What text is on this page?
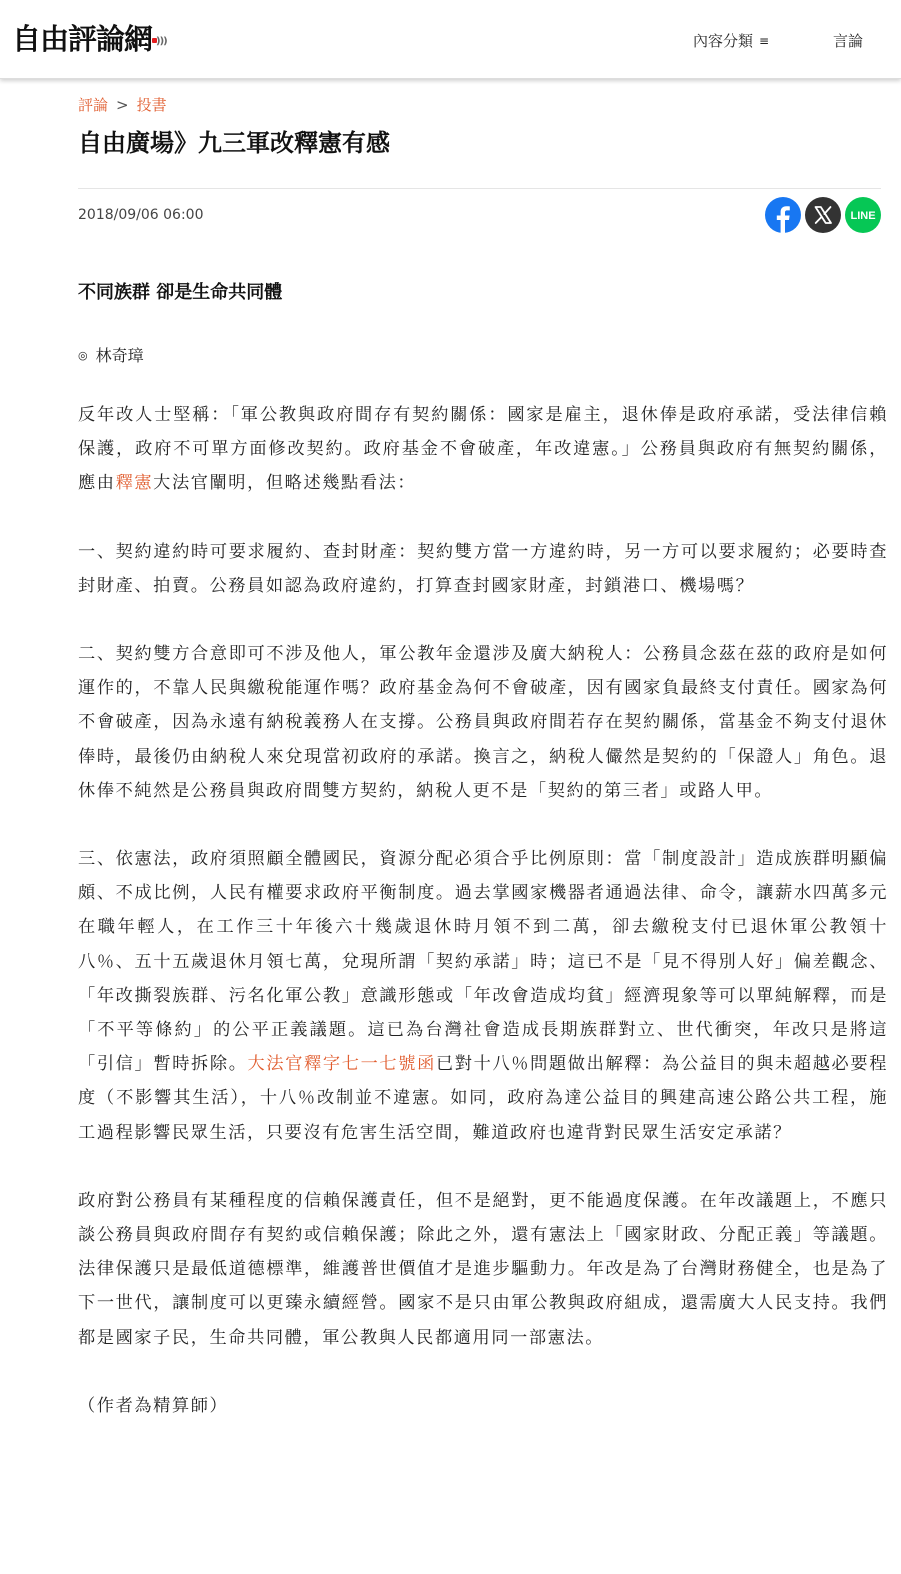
自由評論網 )))	內容分類 ≡	言論
評論 > 投書
自由廣場》九三軍改釋憲有感
2018/09/06 06:00	LINE
不同族群 卻是生命共同體
◎ 林奇璋

反年改人士堅稱：「軍公教與政府間存有契約關係：國家是雇主，退休俸是政府承諾，受法律信賴保護，政府不可單方面修改契約。政府基金不會破產，年改違憲。」公務員與政府有無契約關係，應由釋憲大法官闡明，但略述幾點看法：

一、契約違約時可要求履約、查封財產：契約雙方當一方違約時，另一方可以要求履約；必要時查封財產、拍賣。公務員如認為政府違約，打算查封國家財產，封鎖港口、機場嗎？

二、契約雙方合意即可不涉及他人，軍公教年金還涉及廣大納稅人：公務員念茲在茲的政府是如何運作的，不靠人民與繳稅能運作嗎？政府基金為何不會破產，因有國家負最終支付責任。國家為何不會破產，因為永遠有納稅義務人在支撐。公務員與政府間若存在契約關係，當基金不夠支付退休俸時，最後仍由納稅人來兌現當初政府的承諾。換言之，納稅人儼然是契約的「保證人」角色。退休俸不純然是公務員與政府間雙方契約，納稅人更不是「契約的第三者」或路人甲。

三、依憲法，政府須照顧全體國民，資源分配必須合乎比例原則：當「制度設計」造成族群明顯偏頗、不成比例，人民有權要求政府平衡制度。過去掌國家機器者通過法律、命令，讓薪水四萬多元在職年輕人，在工作三十年後六十幾歲退休時月領不到二萬，卻去繳稅支付已退休軍公教領十八％、五十五歲退休月領七萬，兌現所謂「契約承諾」時；這已不是「見不得別人好」偏差觀念、「年改撕裂族群、污名化軍公教」意識形態或「年改會造成均貧」經濟現象等可以單純解釋，而是「不平等條約」的公平正義議題。這已為台灣社會造成長期族群對立、世代衝突，年改只是將這「引信」暫時拆除。大法官釋字七一七號函已對十八％問題做出解釋：為公益目的與未超越必要程度（不影響其生活），十八％改制並不違憲。如同，政府為達公益目的興建高速公路公共工程，施工過程影響民眾生活，只要沒有危害生活空間，難道政府也違背對民眾生活安定承諾？

政府對公務員有某種程度的信賴保護責任，但不是絕對，更不能過度保護。在年改議題上，不應只談公務員與政府間存有契約或信賴保護；除此之外，還有憲法上「國家財政、分配正義」等議題。法律保護只是最低道德標準，維護普世價值才是進步驅動力。年改是為了台灣財務健全，也是為了下一世代，讓制度可以更臻永續經營。國家不是只由軍公教與政府組成，還需廣大人民支持。我們都是國家子民，生命共同體，軍公教與人民都適用同一部憲法。

（作者為精算師）
